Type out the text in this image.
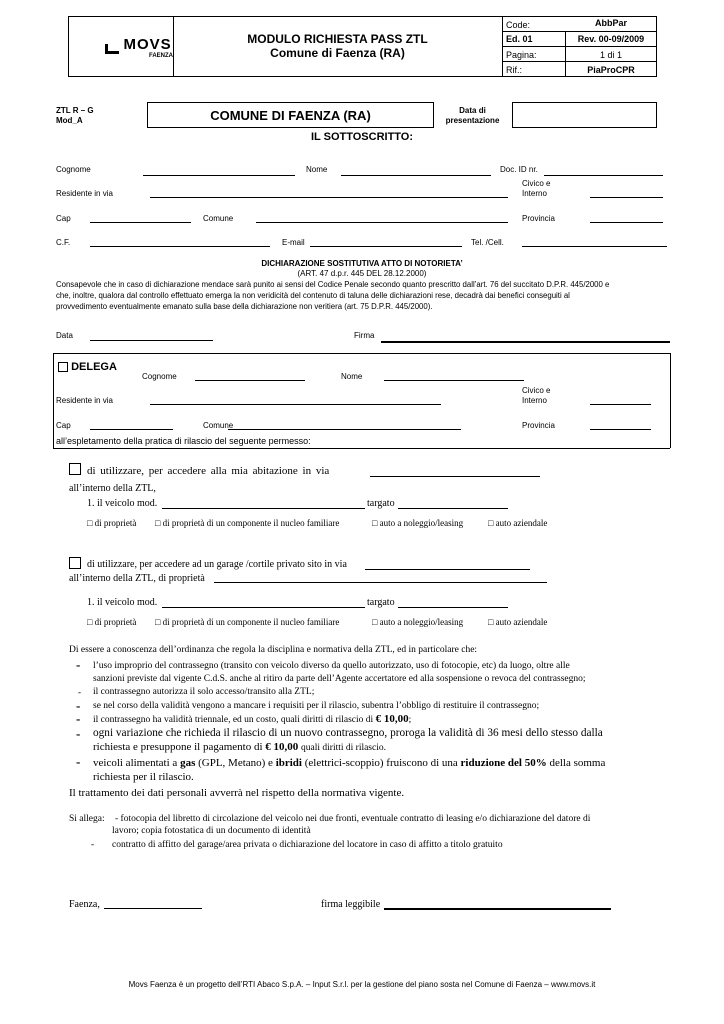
MOVS
FAENZA
MODULO RICHIESTA PASS ZTL
Comune di Faenza (RA)
Code:	AbbPar
Ed. 01	Rev. 00-09/2009
Pagina:	1 di 1
Rif.:	PiaProCPR
ZTL R – G
Mod_A	COMUNE DI FAENZA (RA)	Data di
presentazione
IL SOTTOSCRITTO:
Cognome	Nome	Doc. ID nr.
Residente in via
Civico e
Interno
Cap	Comune	Provincia
C.F.	E-mail	Tel. /Cell.
DICHIARAZIONE SOSTITUTIVA ATTO DI NOTORIETA’
(ART. 47 d.p.r. 445 DEL 28.12.2000)
Consapevole che in caso di dichiarazione mendace sarà punito ai sensi del Codice Penale secondo quanto prescritto dall’art. 76 del succitato D.P.R. 445/2000 e
che, inoltre, qualora dal controllo effettuato emerga la non veridicità del contenuto di taluna delle dichiarazioni rese, decadrà dai benefici conseguiti al
provvedimento eventualmente emanato sulla base della dichiarazione non veritiera (art. 75 D.P.R. 445/2000).
Data	Firma
DELEGA
Cognome	Nome
Residente in via
Civico e
Interno
Cap	Comune	Provincia
all’espletamento della pratica di rilascio del seguente permesso:
di utilizzare, per accedere alla mia abitazione in via
all’interno della ZTL,
1. il veicolo mod.	targato
□ di proprietà □ di proprietà di un componente il nucleo familiare	□ auto a noleggio/leasing	□ auto aziendale
di utilizzare, per accedere ad un garage /cortile privato sito in via
all’interno della ZTL, di proprietà
1. il veicolo mod.	targato
□ di proprietà □ di proprietà di un componente il nucleo familiare	□ auto a noleggio/leasing	□ auto aziendale
Di essere a conoscenza dell’ordinanza che regola la disciplina e normativa della ZTL, ed in particolare che:
- l’uso improprio del contrassegno (transito con veicolo diverso da quello autorizzato, uso di fotocopie, etc) da luogo, oltre alle
sanzioni previste dal vigente C.d.S. anche al ritiro da parte dell’Agente accertatore ed alla sospensione o revoca del contrassegno;
- il contrassegno autorizza il solo accesso/transito alla ZTL;
- se nel corso della validità vengono a mancare i requisiti per il rilascio, subentra l’obbligo di restituire il contrassegno;
- il contrassegno ha validità triennale, ed un costo, quali diritti di rilascio di € 10,00;
- ogni variazione che richieda il rilascio di un nuovo contrassegno, proroga la validità di 36 mesi dello stesso dalla
richiesta e presuppone il pagamento di € 10,00 quali diritti di rilascio.
- veicoli alimentati a gas (GPL, Metano) e ibridi (elettrici-scoppio) fruiscono di una riduzione del 50% della somma
richiesta per il rilascio.
Il trattamento dei dati personali avverrà nel rispetto della normativa vigente.
Si allega: - fotocopia del libretto di circolazione del veicolo nei due fronti, eventuale contratto di leasing e/o dichiarazione del datore di
lavoro; copia fotostatica di un documento di identità
- contratto di affitto del garage/area privata o dichiarazione del locatore in caso di affitto a titolo gratuito
Faenza,	firma leggibile
Movs Faenza è un progetto dell’RTI Abaco S.p.A. – Input S.r.l. per la gestione del piano sosta nel Comune di Faenza – www.movs.it
